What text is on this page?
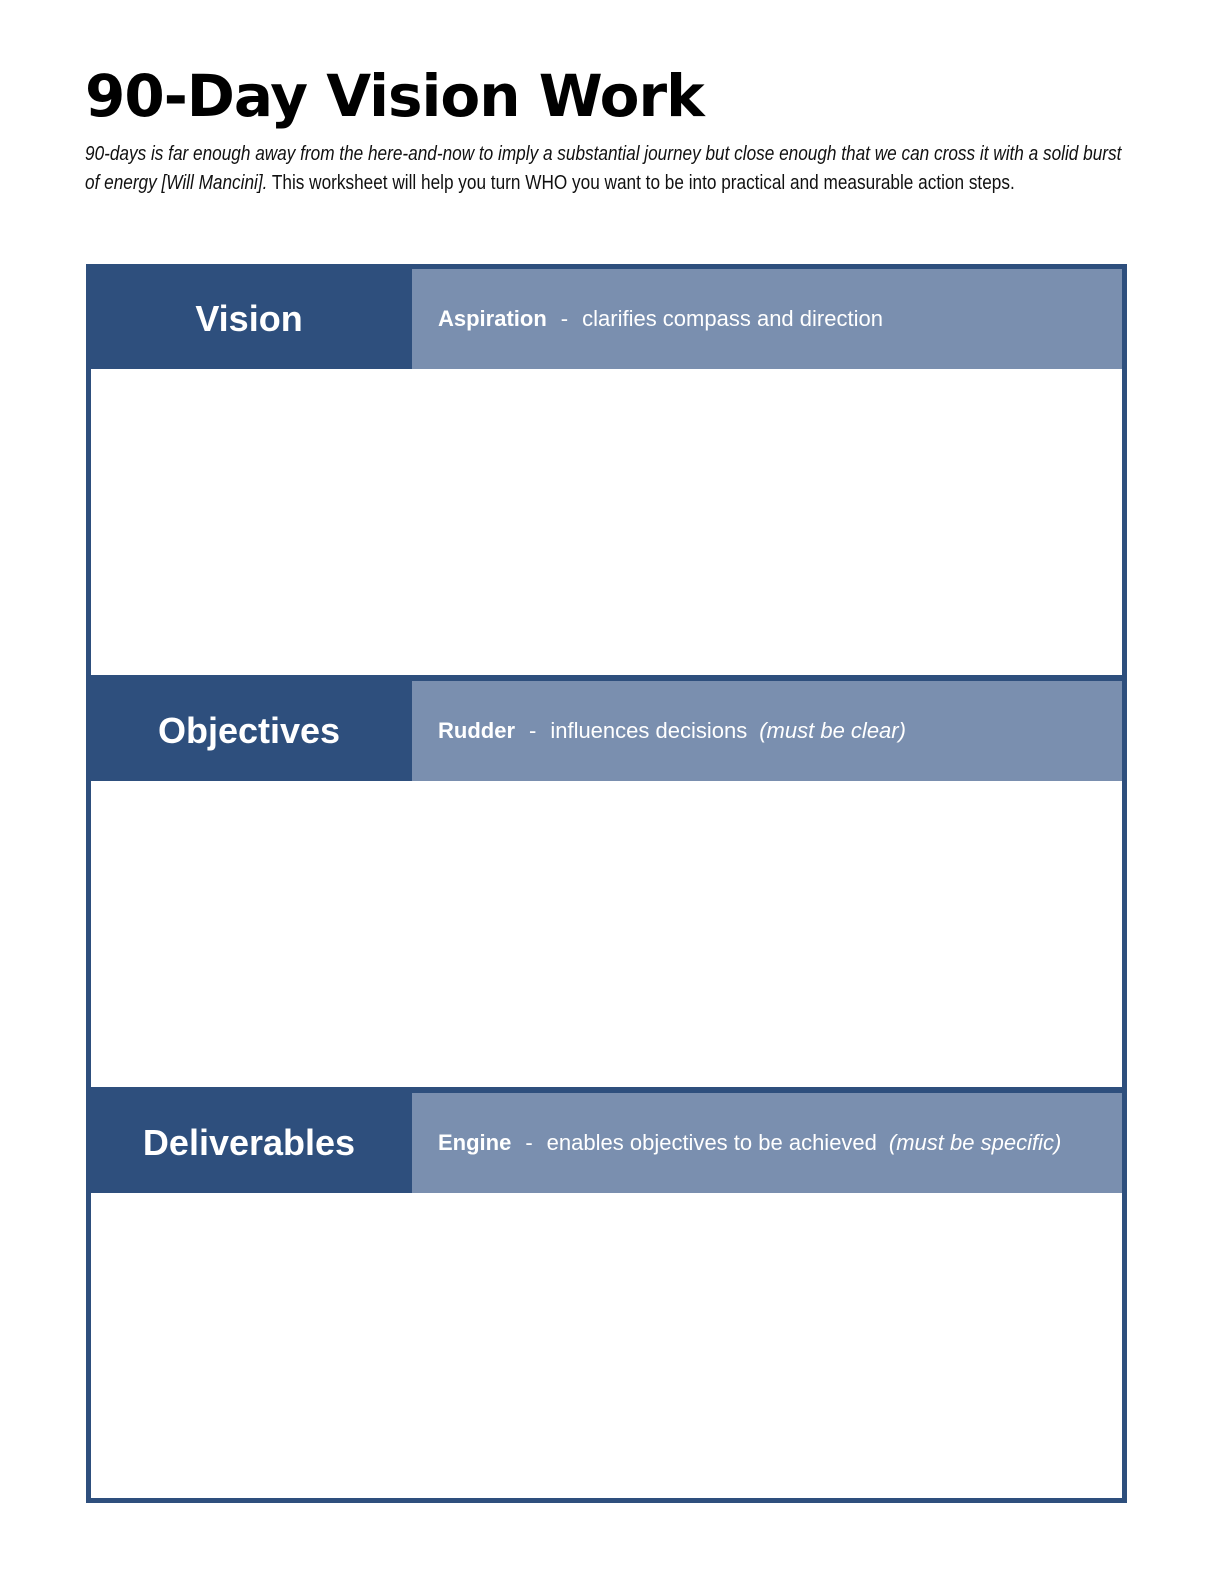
90-Day Vision Work

90-days is far enough away from the here-and-now to imply a substantial journey but close enough that we can cross it with a solid burst of energy [Will Mancini]. This worksheet will help you turn WHO you want to be into practical and measurable action steps.

Vision	Aspiration - clarifies compass and direction
Objectives	Rudder - influences decisions (must be clear)
Deliverables	Engine - enables objectives to be achieved (must be specific)
